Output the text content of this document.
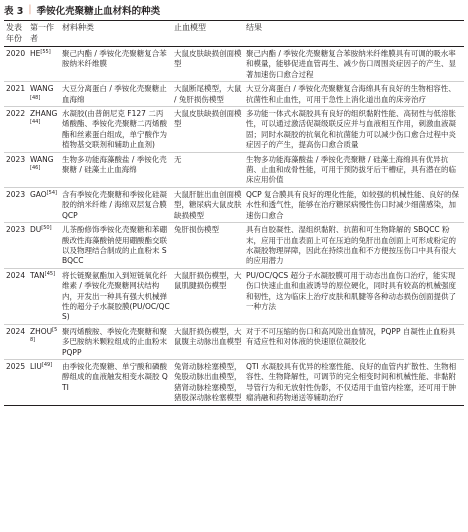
表 3 | 季铵化壳聚糖止血材料的种类
发表年份	第一作者	材料种类	止血模型	结果
2020	HE[55]	聚己内酯 / 季铵化壳聚糖复合苯胺纳米纤维膜	大鼠皮肤缺损创面模型	聚己内酯 / 季铵化壳聚糖复合苯胺纳米纤维膜具有可调的吸水率和模量，能够促进血管再生、减少伤口周围炎症因子的产生、显著加速伤口愈合过程
2021	WANG[48]	大豆分离蛋白 / 季铵化壳聚糖止血海绵	大鼠断尾模型，大鼠 / 兔肝损伤模型	大豆分离蛋白 / 季铵化壳聚糖复合海绵具有良好的生物相容性、抗菌性和止血性，可用于急性上消化道出血的床旁治疗
2022	ZHANG[44]	水凝胶(由普朗尼克 F127 二丙烯酸酯、季铵化壳聚糖二丙烯酸酯和丝素蛋白组成，单宁酸作为植物基交联剂和辅助止血剂)	大鼠皮肤缺损创面模型	多功能一体式水凝胶具有良好的组织黏附性能、高韧性与低溶胀性，可以通过激活促凝级联反应并与血液相互作用，刺激血液凝固；同时水凝胶的抗氧化和抗菌能力可以减少伤口愈合过程中炎症因子的产生，提高伤口愈合质量
2023	WANG[46]	生物多功能海藻酸盐 / 季铵化壳聚糖 / 硅藻土止血海绵	无	生物多功能海藻酸盐 / 季铵化壳聚糖 / 硅藻土海绵具有优异抗菌、止血和成骨性能，可用于预防拔牙后干槽症，具有潜在的临床应用价值
2023	GAO[54]	含有季铵化壳聚糖和季铵化硅凝胶的纳米纤维 / 海绵双层复合膜 QCP	大鼠肝脏出血创面模型，糖尿病大鼠皮肤缺损模型	QCP 复合膜具有良好的理化性能，如较强的机械性能、良好的保水性和透气性，能够在治疗糖尿病慢性伤口时减少细菌感染，加速伤口愈合
2023	DU[50]	儿茶酚修饰季铵化壳聚糖和苯硼酸改性海藻酸钠使用硼酸酯交联以及物理结合制成的止血粉末 SBQCC	兔肝损伤模型	具有自胶凝性、湿组织黏附、抗菌和可生物降解的 SBQCC 粉末，应用于出血表面上可在压迫的兔肝出血创面上可形成粉定的水凝胶物理屏障，因此在持续出血和不方便按压伤口中具有很大的应用潜力
2024	TAN[45]	将长链聚氨酯加入到短链氧化纤维素 / 季铵化壳聚糖网状结构内，开发出一种具有强大机械弹性的超分子水凝胶膜(PU/OC/QCS)	大鼠肝损伤模型，大鼠肌腱损伤模型	PU/OC/QCS 超分子水凝胶膜可用于动态出血伤口治疗，能实现伤口快速止血和血液诱导的原位硬化，同时具有较高的机械强度和韧性，这为临床上治疗皮肤和肌腱等各种动态损伤创面提供了一种方法
2024	ZHOU[58]	聚丙烯酸胺、季铵化壳聚糖和聚多巴胺纳米颗粒组成的止血粉末 PQPP	大鼠肝损伤模型，大鼠腹主动脉出血模型	对于不可压缩的伤口和高风险出血情况，PQPP 自凝性止血粉具有适应性和对体液的快速原位凝胶化
2025	LIU[49]	由季铵化壳聚糖、单宁酸和磷酸醇组成的血液触发相变水凝胶 QTI	兔肾动脉栓塞模型，兔股动脉出血模型，猪肾动脉栓塞模型，猪股深动脉栓塞模型	QTI 水凝胶具有优异的栓塞性能、良好的血管内扩散性、生物相容性、生物降解性，可调节的完全相变时间和机械性能、非黏附导管行为和无放射性伪影，不仅适用于血管内栓塞，还可用于肿瘤消融和药物递送等辅助治疗
